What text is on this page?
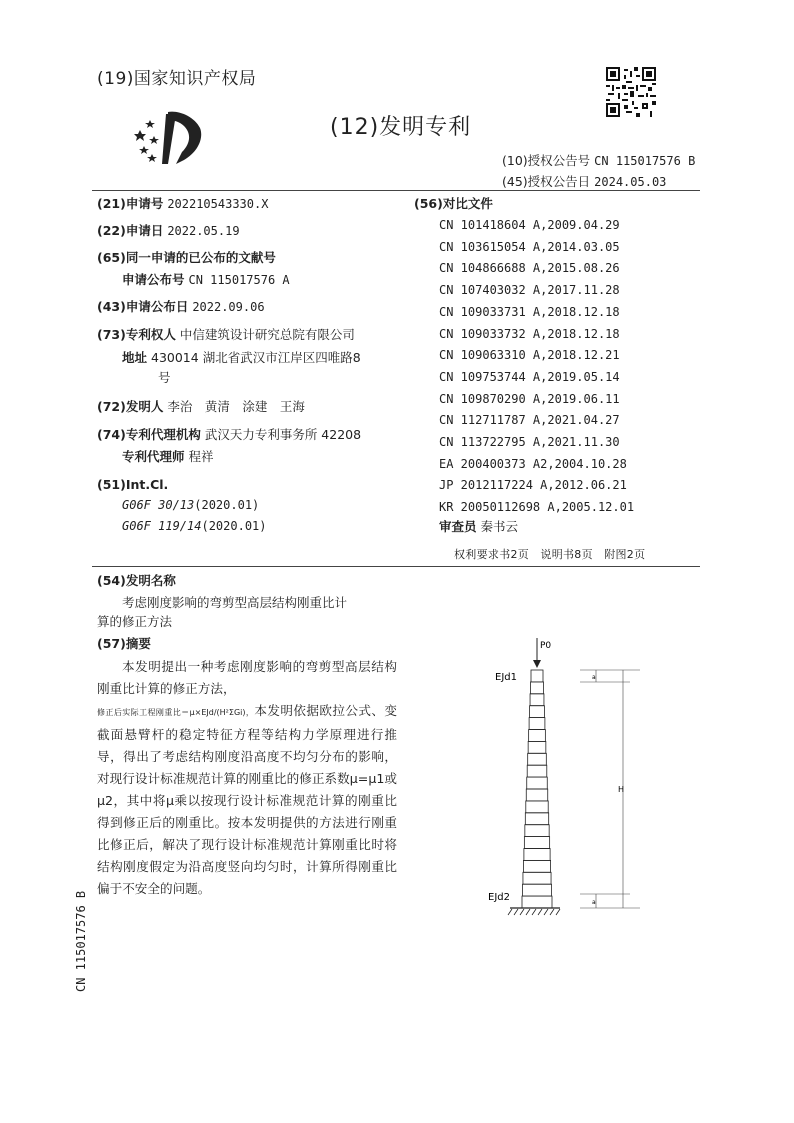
(19)国家知识产权局
(12)发明专利
(10)授权公告号 CN 115017576 B
(45)授权公告日 2024.05.03
(21)申请号 202210543330.X
(22)申请日 2022.05.19
(65)同一申请的已公布的文献号
申请公布号 CN 115017576 A
(43)申请公布日 2022.09.06
(73)专利权人 中信建筑设计研究总院有限公司
地址 430014 湖北省武汉市江岸区四唯路8
号
(72)发明人 李治　黄清　涂建　王海
(74)专利代理机构 武汉天力专利事务所 42208
专利代理师 程祥
(51)Int.Cl.
G06F 30/13(2020.01)
G06F 119/14(2020.01)
(56)对比文件
CN 101418604 A,2009.04.29
CN 103615054 A,2014.03.05
CN 104866688 A,2015.08.26
CN 107403032 A,2017.11.28
CN 109033731 A,2018.12.18
CN 109033732 A,2018.12.18
CN 109063310 A,2018.12.21
CN 109753744 A,2019.05.14
CN 109870290 A,2019.06.11
CN 112711787 A,2021.04.27
CN 113722795 A,2021.11.30
EA 200400373 A2,2004.10.28
JP 2012117224 A,2012.06.21
KR 20050112698 A,2005.12.01
审查员 秦书云
权利要求书2页　说明书8页　附图2页
(54)发明名称
考虑刚度影响的弯剪型高层结构刚重比计
算的修正方法
(57)摘要
本发明提出一种考虑刚度影响的弯剪型高层结构刚重比计算的修正方法，
修正后实际工程刚重比＝μ×EJd/(H²ΣGi)，本发明依据欧拉公式、变截面悬臂杆的稳定特征方程等结构力学原理进行推导，得出了考虑结构刚度沿高度不均匀分布的影响，对现行设计标准规范计算的刚重比的修正系数μ=μ1或μ2，其中将μ乘以按现行设计标准规范计算的刚重比得到修正后的刚重比。按本发明提供的方法进行刚重比修正后，解决了现行设计标准规范计算刚重比时将结构刚度假定为沿高度竖向均匀时，计算所得刚重比偏于不安全的问题。
P0
EJd1
EJd2
H
a
a
CN 115017576 B
